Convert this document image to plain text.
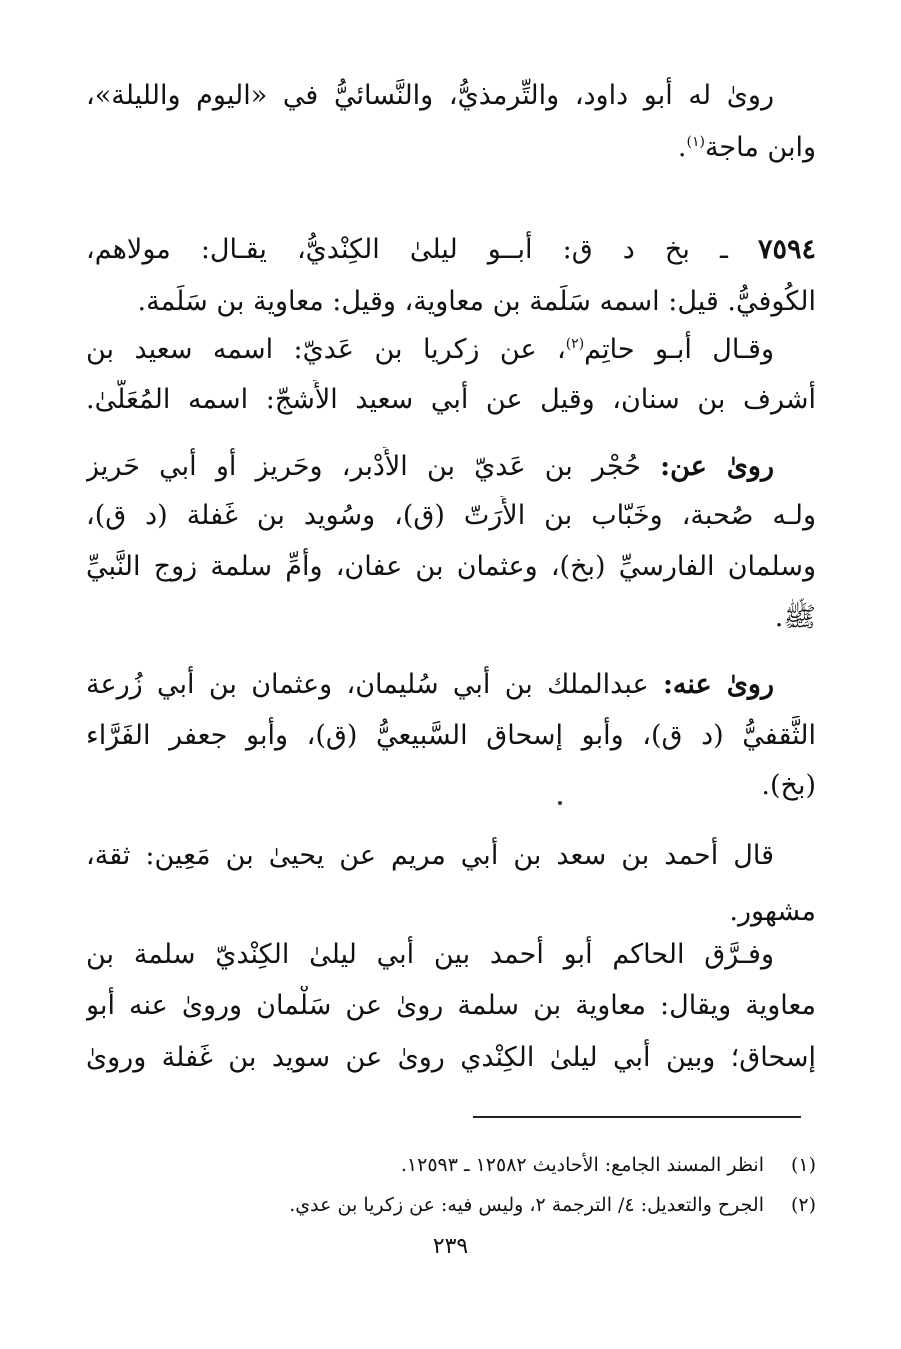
روىٰ له أبو داود، والتِّرمذيُّ، والنَّسائيُّ في «اليوم والليلة»،
وابن ماجة$^{(١)}$.
٧٥٩٤ ـ بخ د ق: أبــو ليلىٰ الكِنْديُّ، يقـال: مولاهم،
الكُوفيُّ. قيل: اسمه سَلَمة بن معاوية، وقيل: معاوية بن سَلَمة.
وقـال أبـو حاتِم$^{(٢)}$، عن زكريا بن عَديّ: اسمه سعيد بن
أشرف بن سنان، وقيل عن أبي سعيد الأَشجّ: اسمه المُعَلَّىٰ.
روىٰ عن: حُجْر بن عَديّ بن الأَدْبر، وحَريز أو أبي حَريز
ولـه صُحبة، وخَبّاب بن الأَرَتّ (ق)، وسُويد بن غَفلة (د ق)،
وسلمان الفارسيِّ (بخ)، وعثمان بن عفان، وأُمِّ سلمة زوج النَّبيِّ
ﷺ.
روىٰ عنه: عبدالملك بن أبي سُليمان، وعثمان بن أبي زُرعة
الثَّقفيُّ (د ق)، وأبو إسحاق السَّبيعيُّ (ق)، وأبو جعفر الفَرَّاء
(بخ).
قال أحمد بن سعد بن أبي مريم عن يحيىٰ بن مَعِين: ثقة،
مشهور.
وفـرَّق الحاكم أبو أحمد بين أبي ليلىٰ الكِنْديّ سلمة بن
معاوية ويقال: معاوية بن سلمة روىٰ عن سَلْمان وروىٰ عنه أبو
إسحاق؛ وبين أبي ليلىٰ الكِنْدي روىٰ عن سويد بن غَفلة وروىٰ
(١)انظر المسند الجامع: الأحاديث ١٢٥٨٢ ـ ١٢٥٩٣.
(٢)الجرح والتعديل: ٤/ الترجمة ٢، وليس فيه: عن زكريا بن عدي.
٢٣٩
